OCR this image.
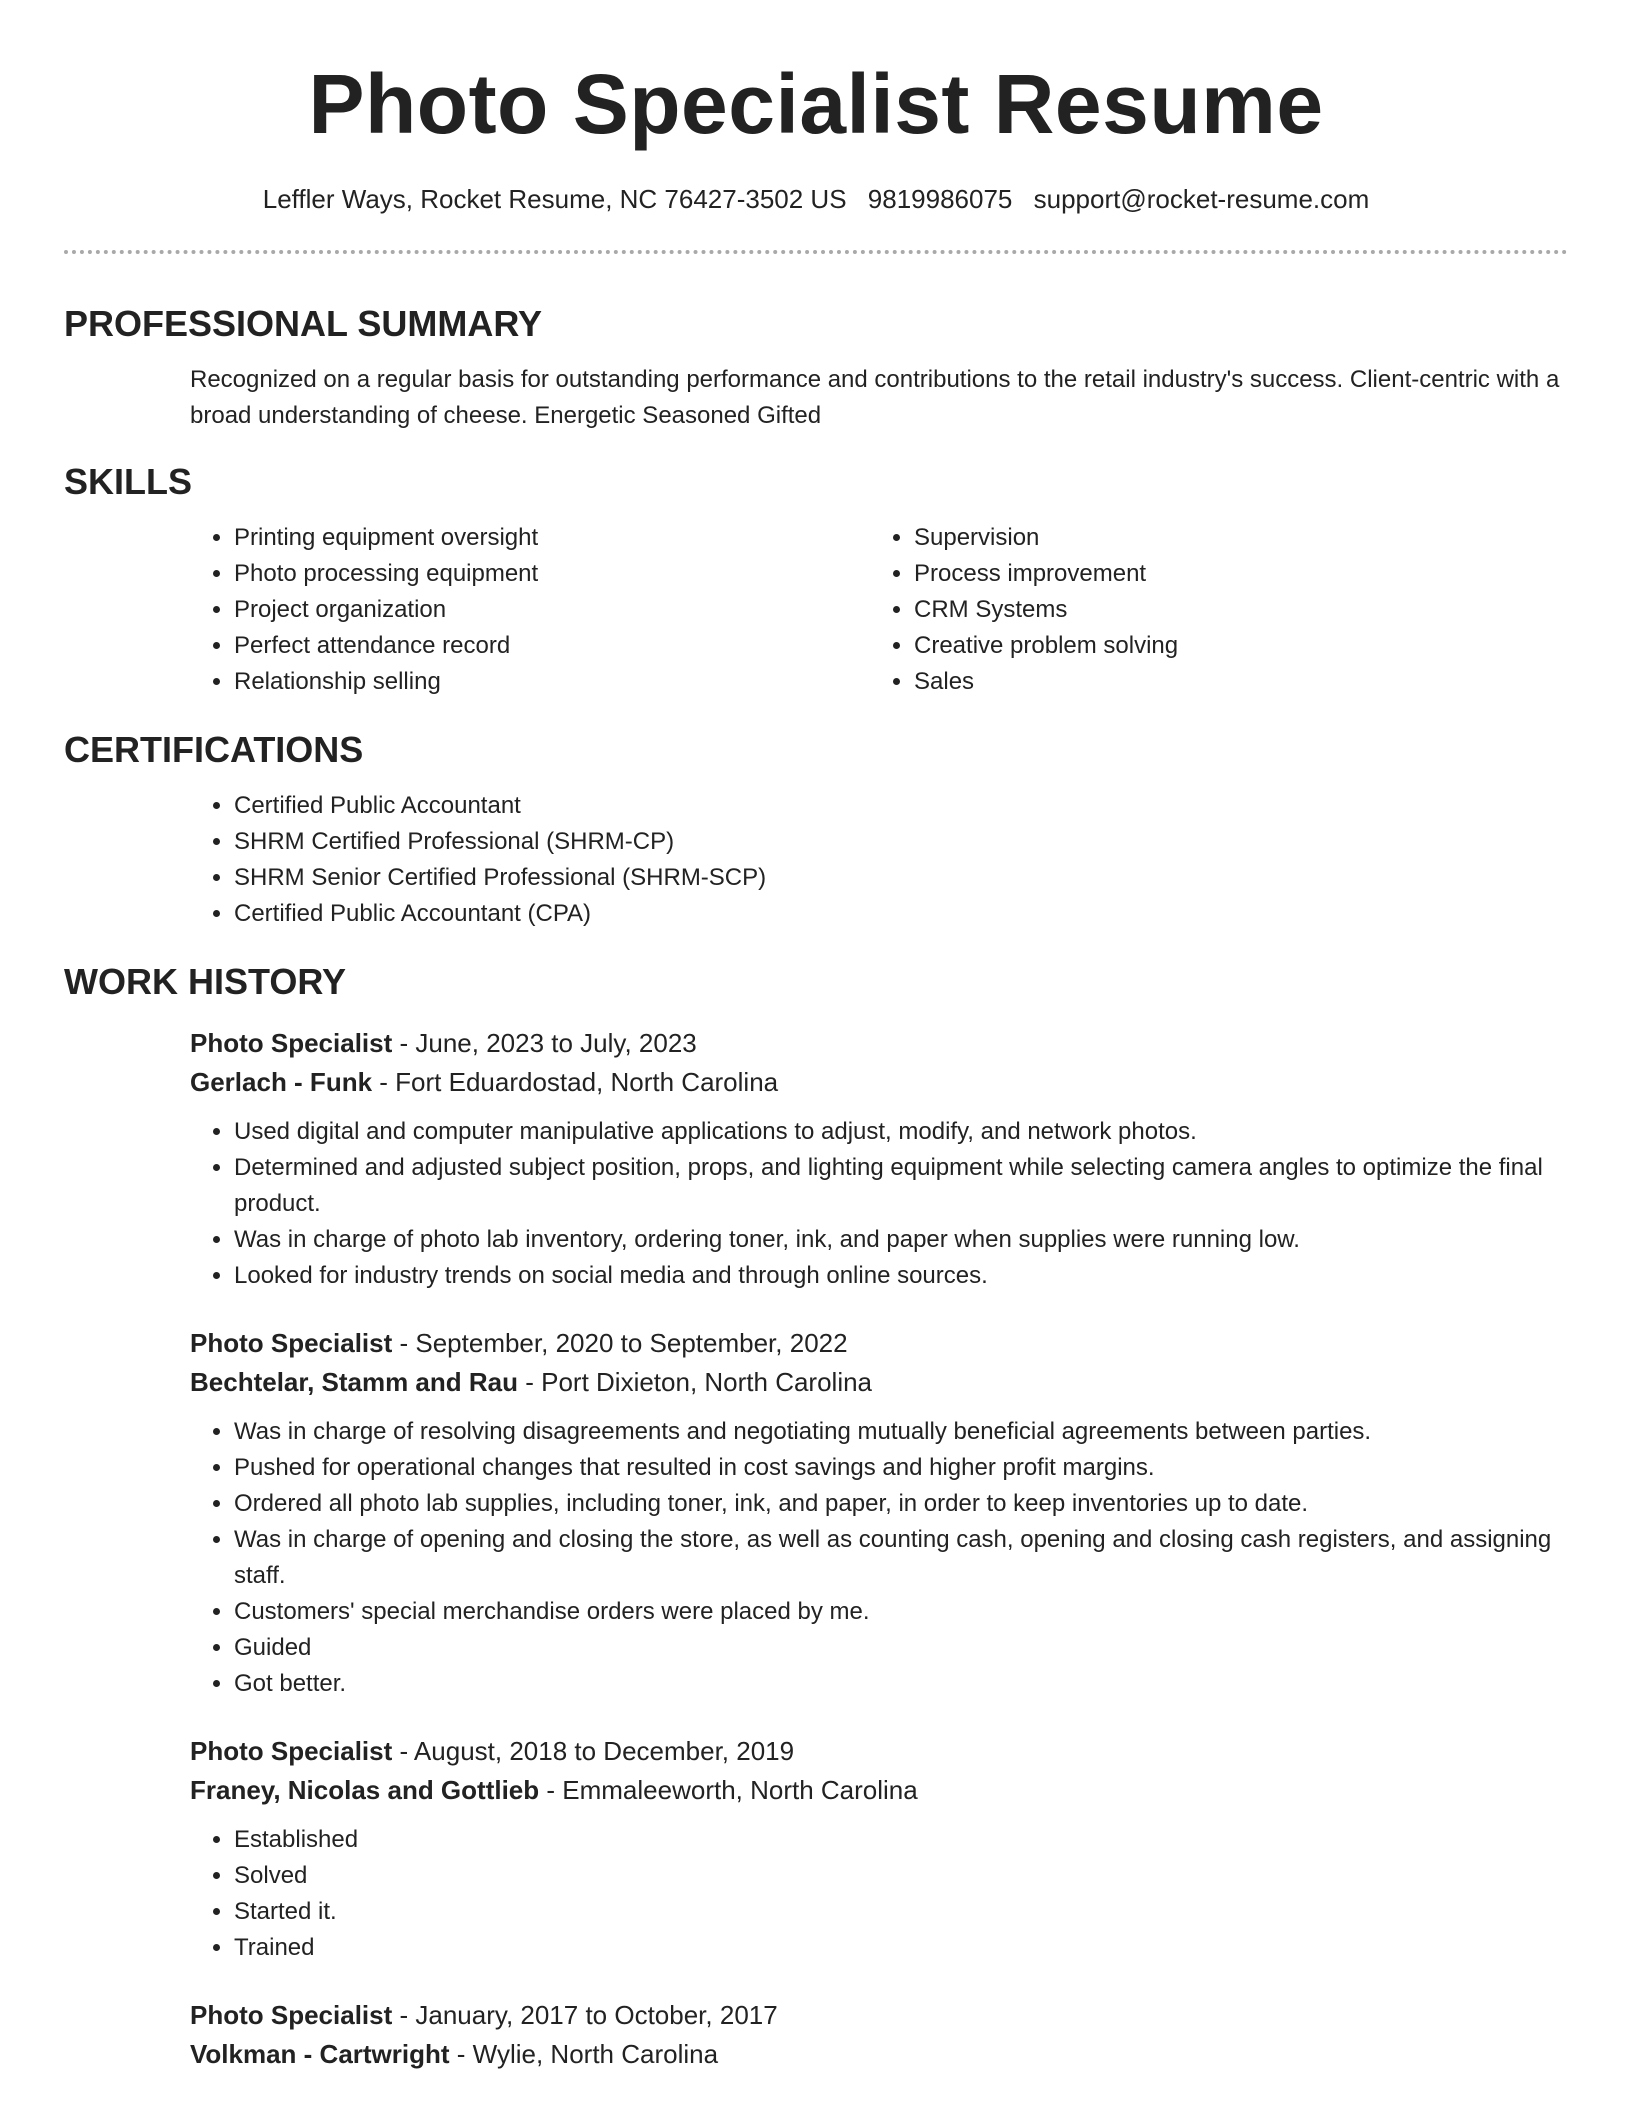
Photo Specialist Resume
Leffler Ways, Rocket Resume, NC 76427-3502 US 9819986075 support@rocket-resume.com
PROFESSIONAL SUMMARY

Recognized on a regular basis for outstanding performance and contributions to the retail industry's success. Client-centric with a broad understanding of cheese. Energetic Seasoned Gifted

SKILLS
• Printing equipment oversight
• Photo processing equipment
• Project organization
• Perfect attendance record
• Relationship selling
• Supervision
• Process improvement
• CRM Systems
• Creative problem solving
• Sales
CERTIFICATIONS
• Certified Public Accountant
• SHRM Certified Professional (SHRM-CP)
• SHRM Senior Certified Professional (SHRM-SCP)
• Certified Public Accountant (CPA)
WORK HISTORY
Photo Specialist - June, 2023 to July, 2023
Gerlach - Funk - Fort Eduardostad, North Carolina
• Used digital and computer manipulative applications to adjust, modify, and network photos.
• Determined and adjusted subject position, props, and lighting equipment while selecting camera angles to optimize the final product.
• Was in charge of photo lab inventory, ordering toner, ink, and paper when supplies were running low.
• Looked for industry trends on social media and through online sources.
Photo Specialist - September, 2020 to September, 2022
Bechtelar, Stamm and Rau - Port Dixieton, North Carolina
• Was in charge of resolving disagreements and negotiating mutually beneficial agreements between parties.
• Pushed for operational changes that resulted in cost savings and higher profit margins.
• Ordered all photo lab supplies, including toner, ink, and paper, in order to keep inventories up to date.
• Was in charge of opening and closing the store, as well as counting cash, opening and closing cash registers, and assigning staff.
• Customers' special merchandise orders were placed by me.
• Guided
• Got better.
Photo Specialist - August, 2018 to December, 2019
Franey, Nicolas and Gottlieb - Emmaleeworth, North Carolina
• Established
• Solved
• Started it.
• Trained
Photo Specialist - January, 2017 to October, 2017
Volkman - Cartwright - Wylie, North Carolina
